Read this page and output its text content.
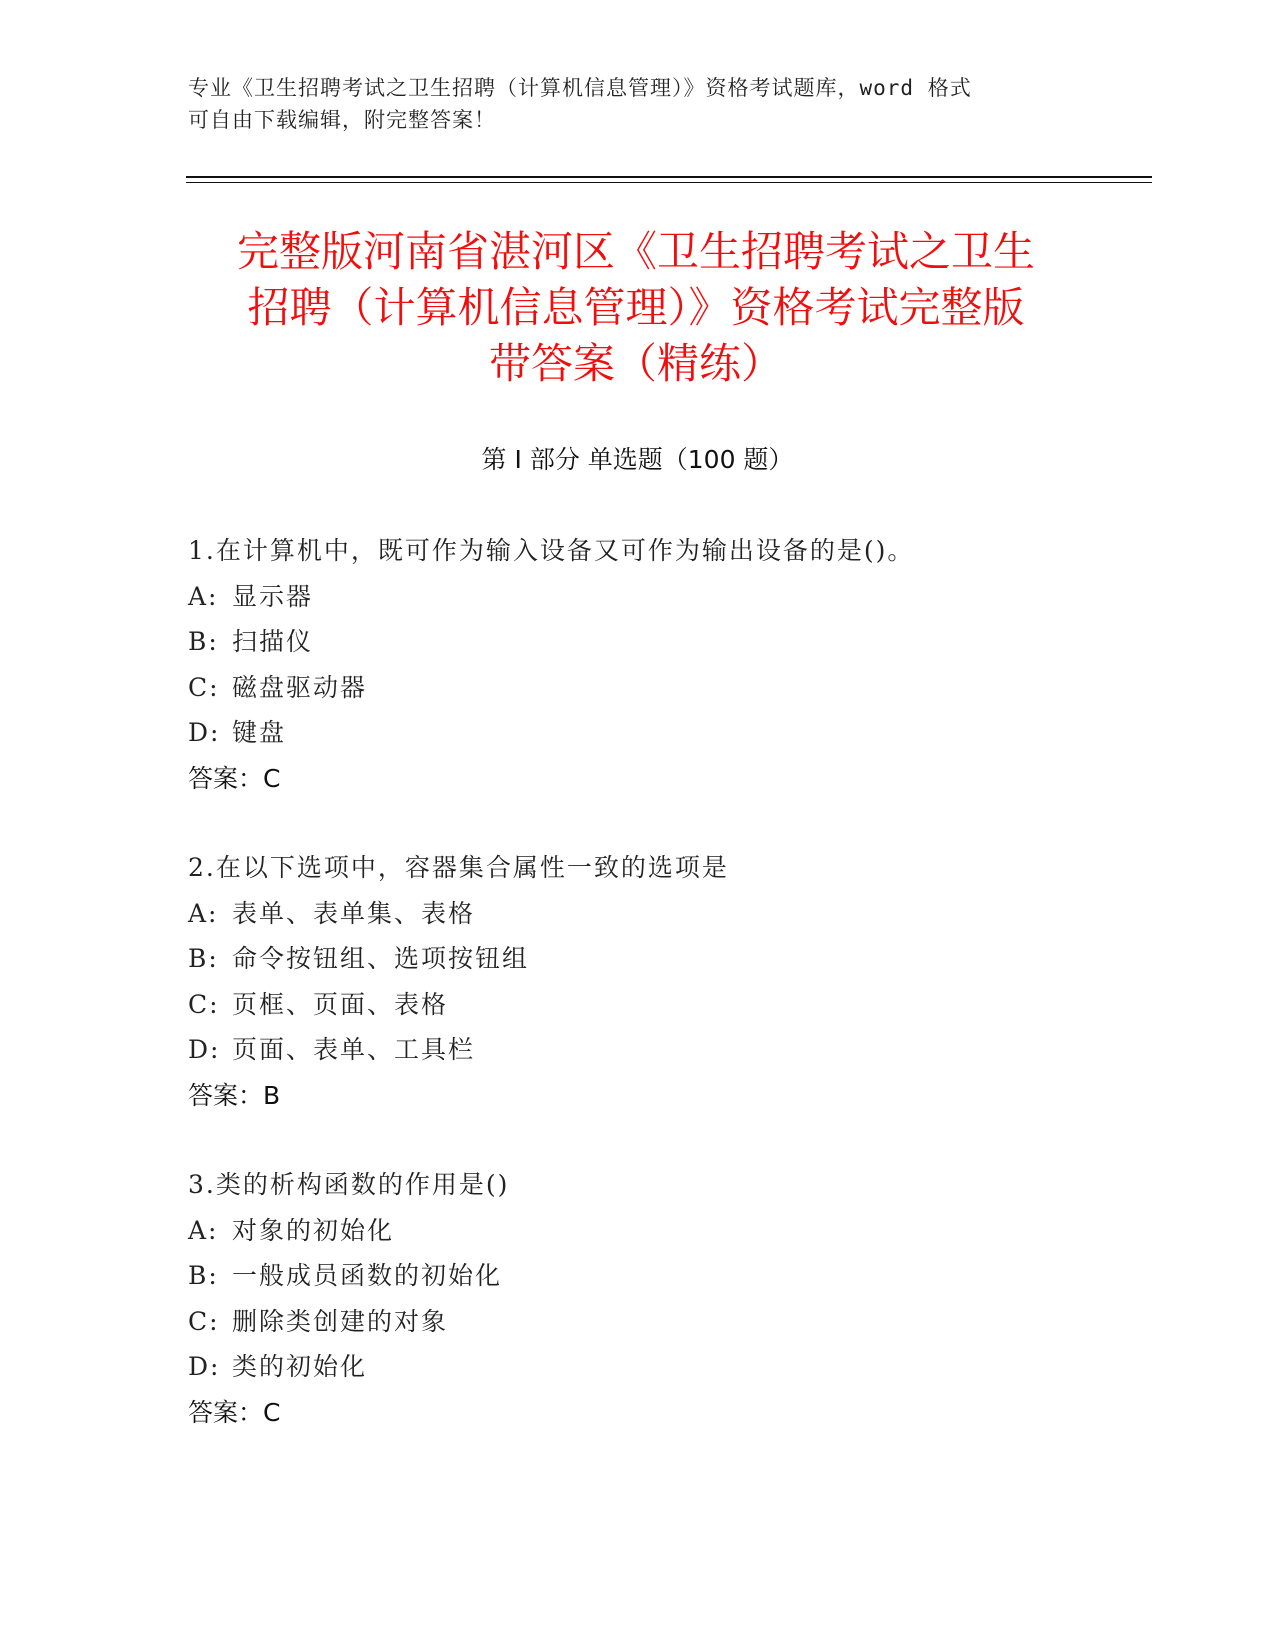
专业《卫生招聘考试之卫生招聘（计算机信息管理）》资格考试题库，word 格式
可自由下载编辑，附完整答案！
完整版河南省湛河区《卫生招聘考试之卫生
招聘（计算机信息管理）》资格考试完整版
带答案（精练）
第 I 部分 单选题（100 题）
1.在计算机中，既可作为输入设备又可作为输出设备的是()。
A: 显示器
B: 扫描仪
C: 磁盘驱动器
D: 键盘
答案：C
2.在以下选项中，容器集合属性一致的选项是
A: 表单、表单集、表格
B: 命令按钮组、选项按钮组
C: 页框、页面、表格
D: 页面、表单、工具栏
答案：B
3.类的析构函数的作用是()
A: 对象的初始化
B: 一般成员函数的初始化
C: 删除类创建的对象
D: 类的初始化
答案：C
